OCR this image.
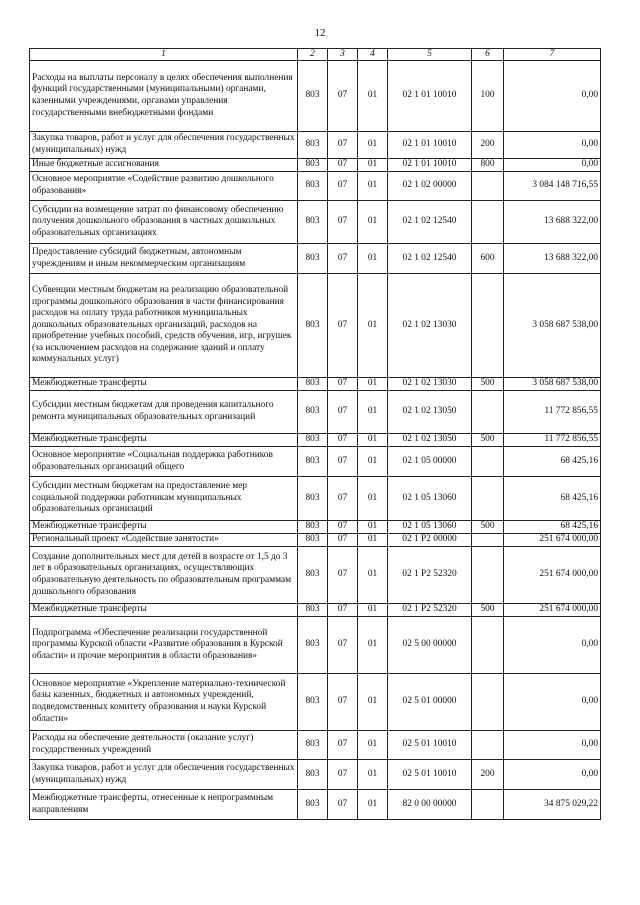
12
1	2	3	4	5	6	7
Расходы на выплаты персоналу в целях обеспечения выполнения функций государственными (муниципальными) органами, казенными учреждениями, органами управления государственными внебюджетными фондами	803	07	01	02 1 01 10010	100	0,00
Закупка товаров, работ и услуг для обеспечения государственных (муниципальных) нужд	803	07	01	02 1 01 10010	200	0,00
Иные бюджетные ассигнования	803	07	01	02 1 01 10010	800	0,00
Основное мероприятие «Содействие развитию дошкольного образования»	803	07	01	02 1 02 00000		3 084 148 716,55
Субсидии на возмещение затрат по финансовому обеспечению получения дошкольного образования в частных дошкольных образовательных организациях	803	07	01	02 1 02 12540		13 688 322,00
Предоставление субсидий бюджетным, автономным учреждениям и иным некоммерческим организациям	803	07	01	02 1 02 12540	600	13 688 322,00
Субвенции местным бюджетам на реализацию образовательной программы дошкольного образования в части финансирования расходов на оплату труда работников муниципальных дошкольных образовательных организаций, расходов на приобретение учебных пособий, средств обучения, игр, игрушек (за исключением расходов на содержание зданий и оплату коммунальных услуг)	803	07	01	02 1 02 13030		3 058 687 538,00
Межбюджетные трансферты	803	07	01	02 1 02 13030	500	3 058 687 538,00
Субсидии местным бюджетам для проведения капитального ремонта муниципальных образовательных организаций	803	07	01	02 1 02 13050		11 772 856,55
Межбюджетные трансферты	803	07	01	02 1 02 13050	500	11 772 856,55
Основное мероприятие «Социальная поддержка работников образовательных организаций общего	803	07	01	02 1 05 00000		68 425,16
Субсидии местным бюджетам на предоставление мер социальной поддержки работникам муниципальных образовательных организаций	803	07	01	02 1 05 13060		68 425,16
Межбюджетные трансферты	803	07	01	02 1 05 13060	500	68 425,16
Региональный проект «Содействие занятости»	803	07	01	02 1 P2 00000		251 674 000,00
Создание дополнительных мест для детей в возрасте от 1,5 до 3 лет в образовательных организациях, осуществляющих образовательную деятельность по образовательным программам дошкольного образования	803	07	01	02 1 P2 52320		251 674 000,00
Межбюджетные трансферты	803	07	01	02 1 P2 52320	500	251 674 000,00
Подпрограмма «Обеспечение реализации государственной программы Курской области «Развитие образования в Курской области» и прочие мероприятия в области образования»	803	07	01	02 5 00 00000		0,00
Основное мероприятие «Укрепление материально-технической базы казенных, бюджетных и автономных учреждений, подведомственных комитету образования и науки Курской области»	803	07	01	02 5 01 00000		0,00
Расходы на обеспечение деятельности (оказание услуг) государственных учреждений	803	07	01	02 5 01 10010		0,00
Закупка товаров, работ и услуг для обеспечения государственных (муниципальных) нужд	803	07	01	02 5 01 10010	200	0,00
Межбюджетные трансферты, отнесенные к непрограммным направлениям	803	07	01	82 0 00 00000		34 875 029,22
